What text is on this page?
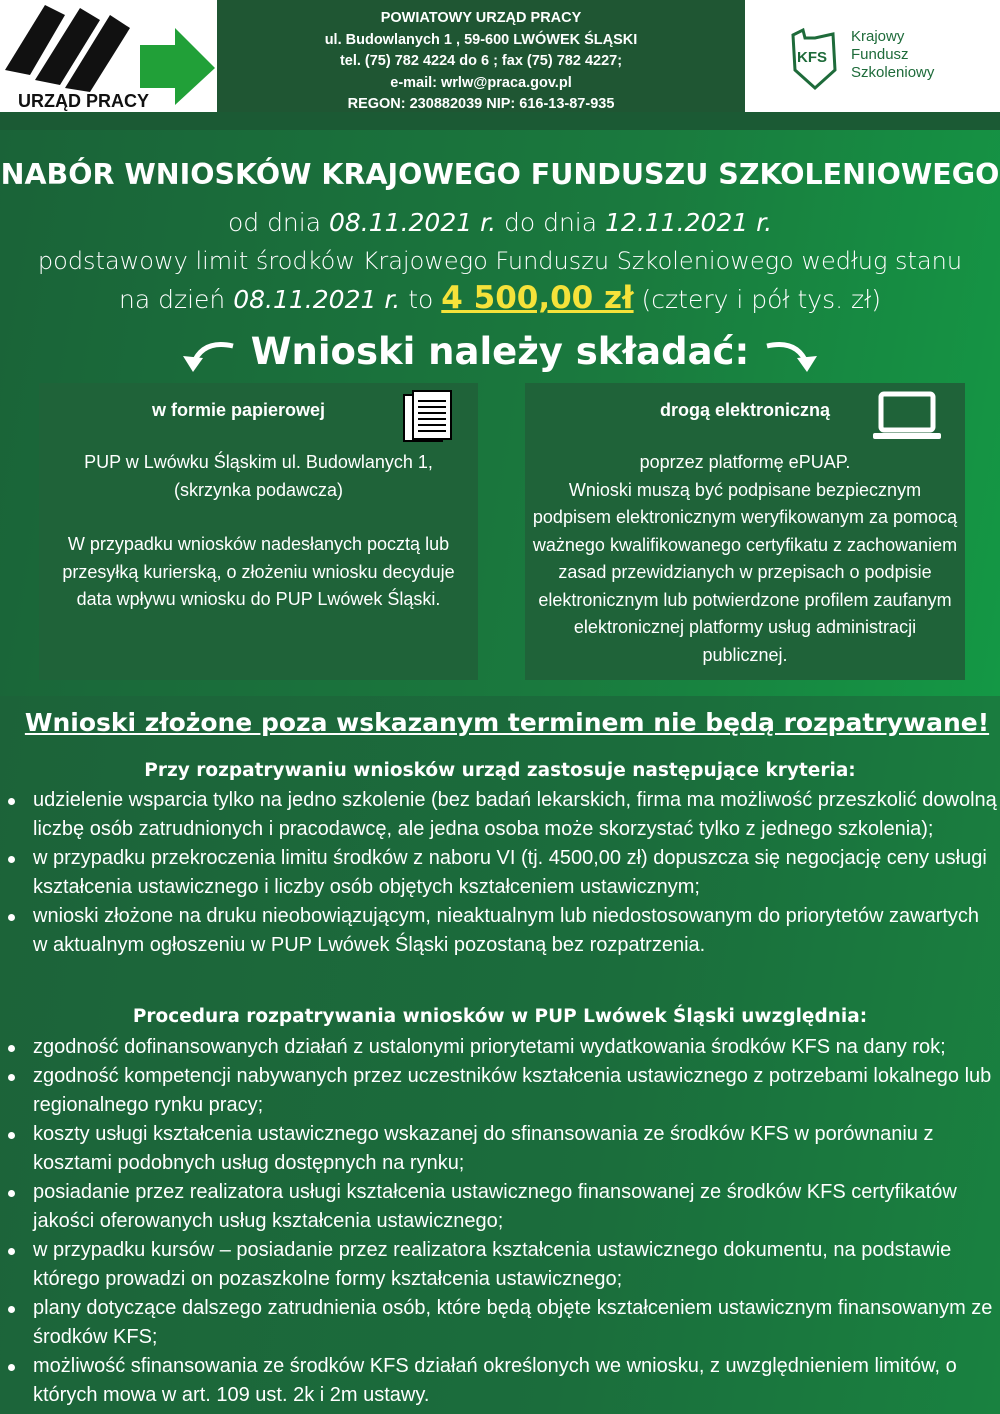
URZĄD PRACY
POWIATOWY URZĄD PRACY
ul. Budowlanych 1 , 59-600 LWÓWEK ŚLĄSKI
tel. (75) 782 4224 do 6 ; fax (75) 782 4227;
e-mail: wrlw@praca.gov.pl
REGON: 230882039 NIP: 616-13-87-935
KFS
Krajowy
Fundusz
Szkoleniowy
NABÓR WNIOSKÓW KRAJOWEGO FUNDUSZU SZKOLENIOWEGO
od dnia 08.11.2021 r. do dnia 12.11.2021 r.
podstawowy limit środków Krajowego Funduszu Szkoleniowego według stanu
na dzień 08.11.2021 r. to 4 500,00 zł (cztery i pół tys. zł)
Wnioski należy składać:
w formie papierowej
PUP w Lwówku Śląskim ul. Budowlanych 1,
(skrzynka podawcza)
W przypadku wniosków nadesłanych pocztą lub przesyłką kurierską, o złożeniu wniosku decyduje data wpływu wniosku do PUP Lwówek Śląski.
drogą elektroniczną
poprzez platformę ePUAP.
Wnioski muszą być podpisane bezpiecznym podpisem elektronicznym weryfikowanym za pomocą ważnego kwalifikowanego certyfikatu z zachowaniem zasad przewidzianych w przepisach o podpisie elektronicznym lub potwierdzone profilem zaufanym elektronicznej platformy usług administracji publicznej.
Wnioski złożone poza wskazanym terminem nie będą rozpatrywane!
Przy rozpatrywaniu wniosków urząd zastosuje następujące kryteria:
udzielenie wsparcia tylko na jedno szkolenie (bez badań lekarskich, firma ma możliwość przeszkolić dowolną liczbę osób zatrudnionych i pracodawcę, ale jedna osoba może skorzystać tylko z jednego szkolenia);
w przypadku przekroczenia limitu środków z naboru VI (tj. 4500,00 zł) dopuszcza się negocjację ceny usługi kształcenia ustawicznego i liczby osób objętych kształceniem ustawicznym;
wnioski złożone na druku nieobowiązującym, nieaktualnym lub niedostosowanym do priorytetów zawartych w aktualnym ogłoszeniu w PUP Lwówek Śląski pozostaną bez rozpatrzenia.
Procedura rozpatrywania wniosków w PUP Lwówek Śląski uwzględnia:
zgodność dofinansowanych działań z ustalonymi priorytetami wydatkowania środków KFS na dany rok;
zgodność kompetencji nabywanych przez uczestników kształcenia ustawicznego z potrzebami lokalnego lub regionalnego rynku pracy;
koszty usługi kształcenia ustawicznego wskazanej do sfinansowania ze środków KFS w porównaniu z kosztami podobnych usług dostępnych na rynku;
posiadanie przez realizatora usługi kształcenia ustawicznego finansowanej ze środków KFS certyfikatów jakości oferowanych usług kształcenia ustawicznego;
w przypadku kursów – posiadanie przez realizatora kształcenia ustawicznego dokumentu, na podstawie którego prowadzi on pozaszkolne formy kształcenia ustawicznego;
plany dotyczące dalszego zatrudnienia osób, które będą objęte kształceniem ustawicznym finansowanym ze środków KFS;
możliwość sfinansowania ze środków KFS działań określonych we wniosku, z uwzględnieniem limitów, o których mowa w art. 109 ust. 2k i 2m ustawy.
